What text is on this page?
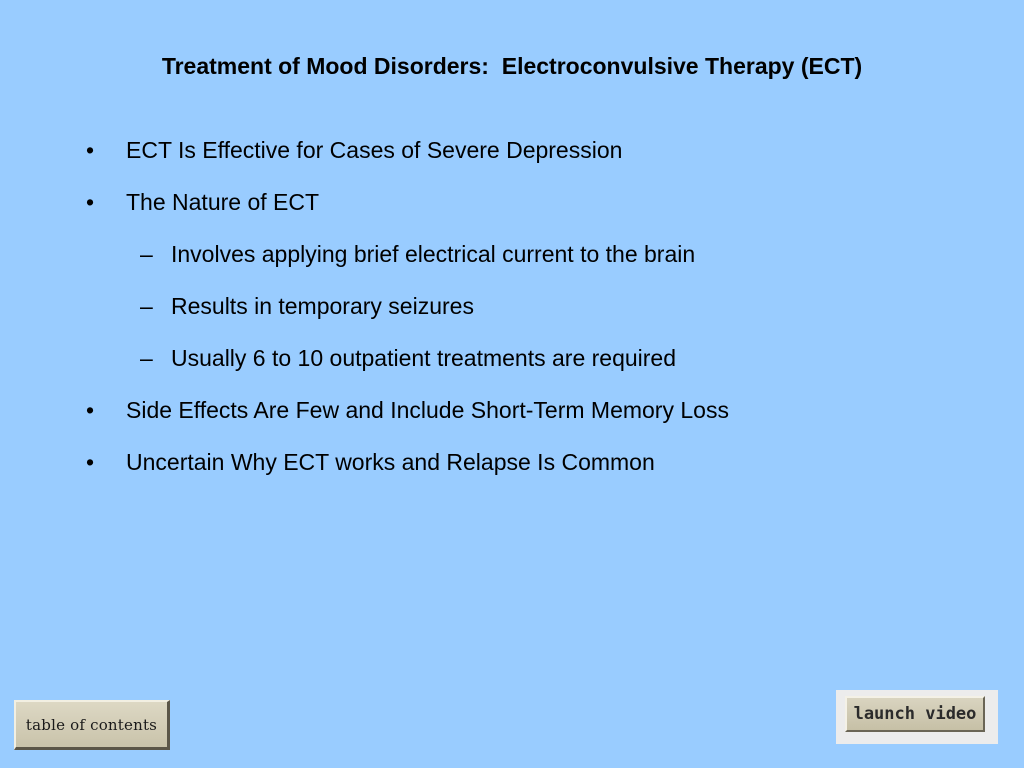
Treatment of Mood Disorders:  Electroconvulsive Therapy (ECT)
• ECT Is Effective for Cases of Severe Depression
• The Nature of ECT
– Involves applying brief electrical current to the brain
– Results in temporary seizures
– Usually 6 to 10 outpatient treatments are required
• Side Effects Are Few and Include Short-Term Memory Loss
• Uncertain Why ECT works and Relapse Is Common
table of contents
launch video
